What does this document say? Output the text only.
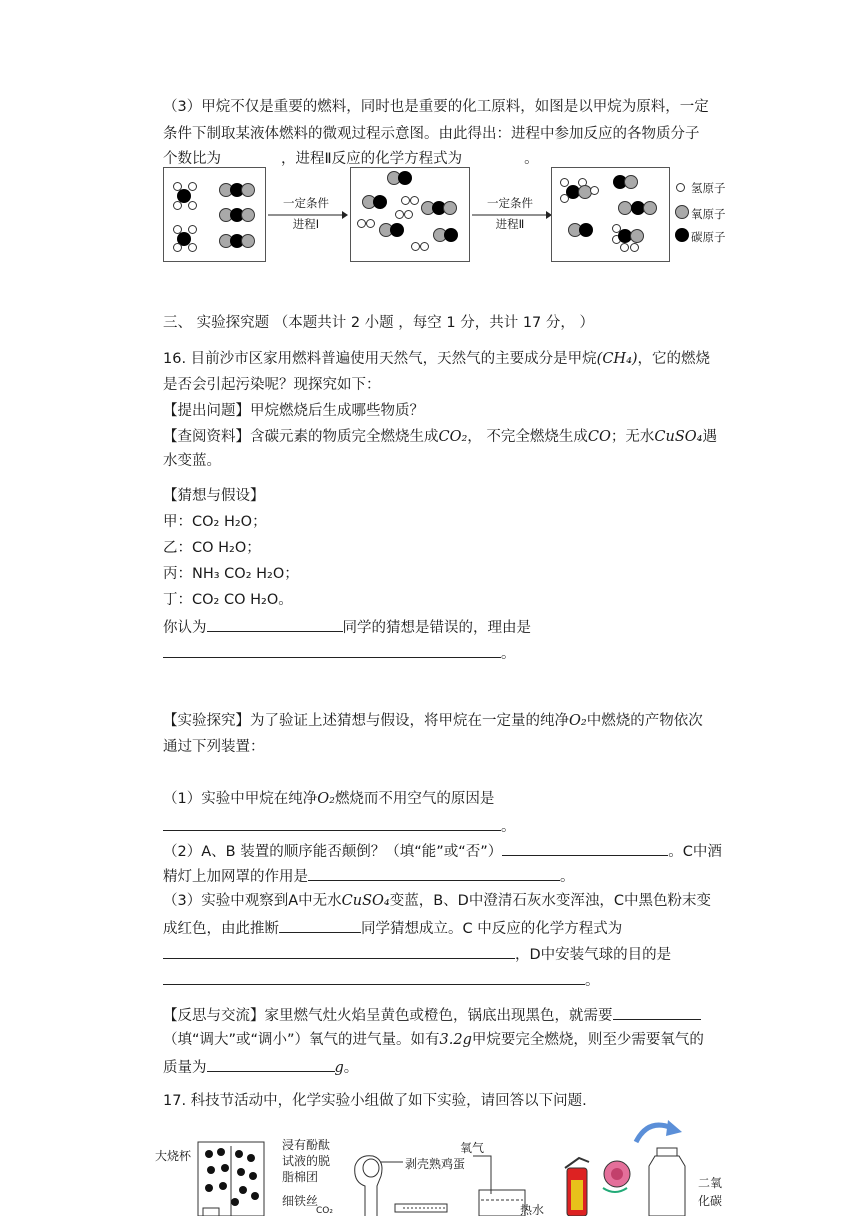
（3）甲烷不仅是重要的燃料，同时也是重要的化工原料，如图是以甲烷为原料，一定
条件下制取某液体燃料的微观过程示意图。由此得出：进程中参加反应的各物质分子
个数比为	，进程Ⅱ反应的化学方程式为	。
一定条件
进程Ⅰ
一定条件
进程Ⅱ
氢原子
氧原子
碳原子
三、 实验探究题 （本题共计 2 小题 ，每空 1 分，共计 17 分， ）
16. 目前沙市区家用燃料普遍使用天然气，天然气的主要成分是甲烷(CH₄)，它的燃烧
是否会引起污染呢？现探究如下：
【提出问题】甲烷燃烧后生成哪些物质？
【查阅资料】含碳元素的物质完全燃烧生成CO₂， 不完全燃烧生成CO；无水CuSO₄遇
水变蓝。
【猜想与假设】
甲：CO₂ H₂O；
乙：CO H₂O；
丙：NH₃ CO₂ H₂O；
丁：CO₂ CO H₂O。
你认为	同学的猜想是错误的，理由是
。
【实验探究】为了验证上述猜想与假设，将甲烷在一定量的纯净O₂中燃烧的产物依次
通过下列装置：
（1）实验中甲烷在纯净O₂燃烧而不用空气的原因是
。
（2）A、B 装置的顺序能否颠倒？（填“能”或“否”）	。C中酒
精灯上加网罩的作用是	。
（3）实验中观察到A中无水CuSO₄变蓝，B、D中澄清石灰水变浑浊，C中黑色粉末变
成红色，由此推断	同学猜想成立。C 中反应的化学方程式为
，D中安装气球的目的是
。
【反思与交流】家里燃气灶火焰呈黄色或橙色，锅底出现黑色，就需要
（填“调大”或“调小”）氧气的进气量。如有3.2g甲烷要完全燃烧，则至少需要氧气的
质量为	g。
17. 科技节活动中，化学实验小组做了如下实验，请回答以下问题.
大烧杯
浸有酚酞
试液的脱
脂棉团
细铁丝
CO₂
剥壳熟鸡蛋
氧气
热水
二氧
化碳
